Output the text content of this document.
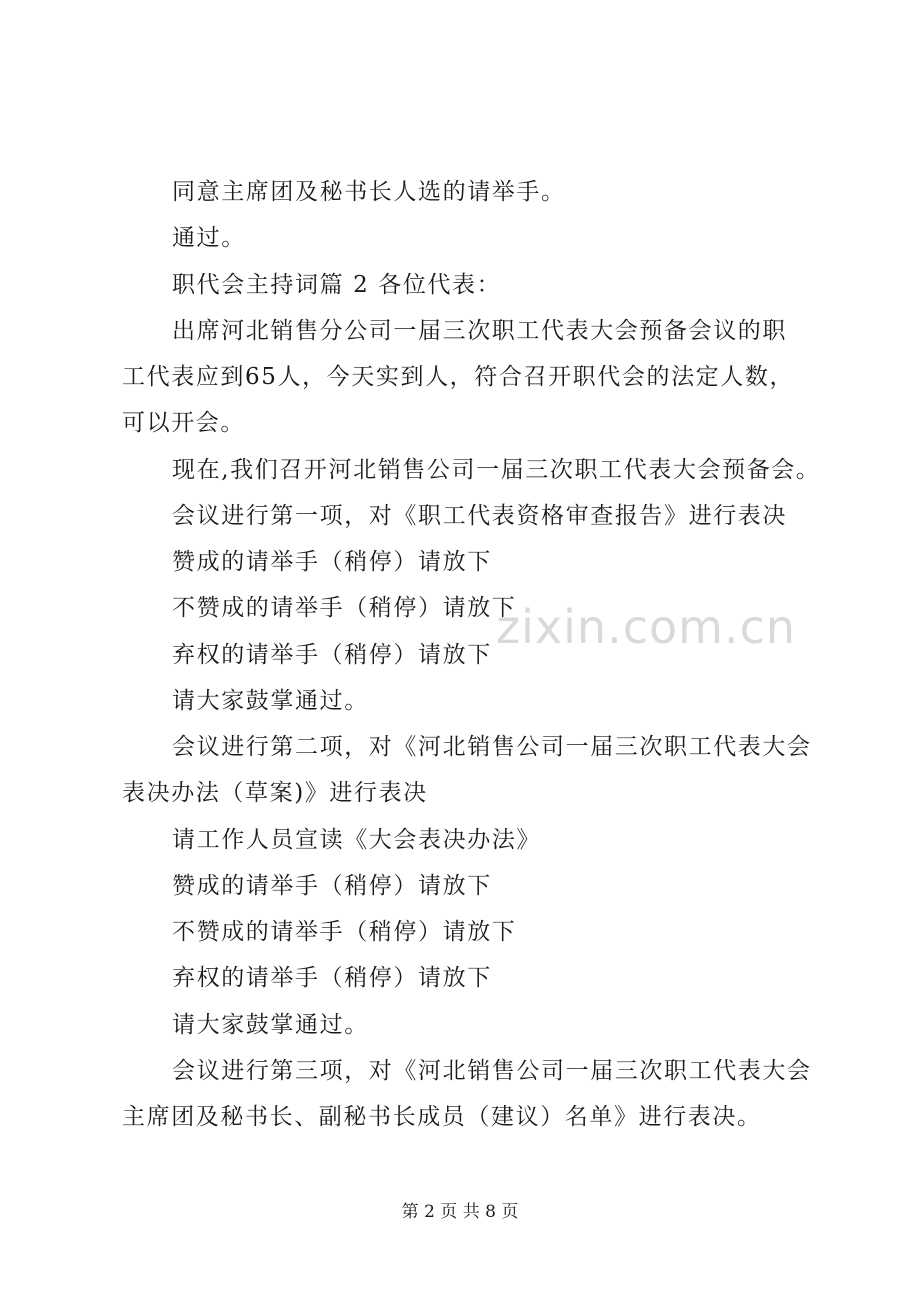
同意主席团及秘书长人选的请举手。
通过。
职代会主持词篇 2 各位代表：
出席河北销售分公司一届三次职工代表大会预备会议的职
工代表应到65人，今天实到人，符合召开职代会的法定人数，
可以开会。
现在,我们召开河北销售公司一届三次职工代表大会预备会。
会议进行第一项，对《职工代表资格审查报告》进行表决
赞成的请举手（稍停）请放下
不赞成的请举手（稍停）请放下
弃权的请举手（稍停）请放下
请大家鼓掌通过。
会议进行第二项，对《河北销售公司一届三次职工代表大会
表决办法（草案)》进行表决
请工作人员宣读《大会表决办法》
赞成的请举手（稍停）请放下
不赞成的请举手（稍停）请放下
弃权的请举手（稍停）请放下
请大家鼓掌通过。
会议进行第三项，对《河北销售公司一届三次职工代表大会
主席团及秘书长、副秘书长成员（建议）名单》进行表决。
zixin.com.cn
第 2 页 共 8 页
